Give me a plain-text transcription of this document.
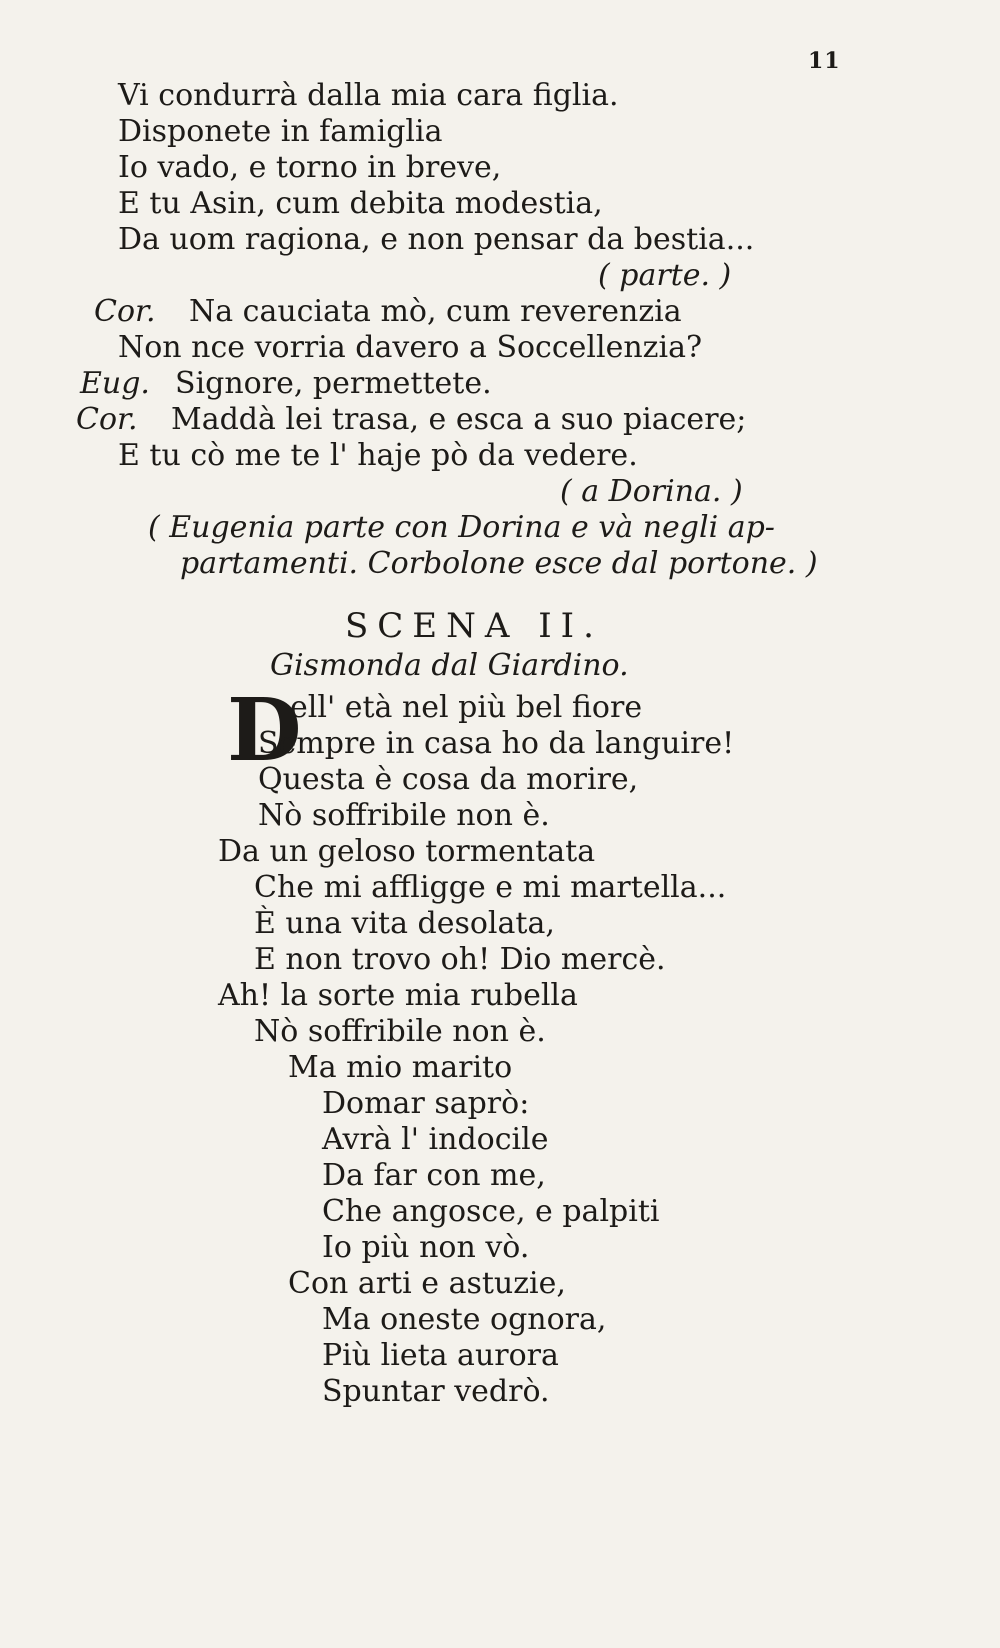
11
Vi condurrà dalla mia cara figlia.
Disponete in famiglia
Io vado, e torno in breve,
E tu Asin, cum debita modestia,
Da uom ragiona, e non pensar da bestia...
( parte. )
Cor. Na cauciata mò, cum reverenzia
Non nce vorria davero a Soccellenzia?
Eug. Signore, permettete.
Cor. Maddà lei trasa, e esca a suo piacere;
E tu cò me te l' haje pò da vedere.
( a Dorina. )
( Eugenia parte con Dorina e và negli ap-
partamenti. Corbolone esce dal portone. )
SCENA II.
Gismonda dal Giardino.
D
ell' età nel più bel fiore
Sempre in casa ho da languire!
Questa è cosa da morire,
Nò soffribile non è.
Da un geloso tormentata
Che mi affligge e mi martella...
È una vita desolata,
E non trovo oh! Dio mercè.
Ah! la sorte mia rubella
Nò soffribile non è.
Ma mio marito
Domar saprò:
Avrà l' indocile
Da far con me,
Che angosce, e palpiti
Io più non vò.
Con arti e astuzie,
Ma oneste ognora,
Più lieta aurora
Spuntar vedrò.
